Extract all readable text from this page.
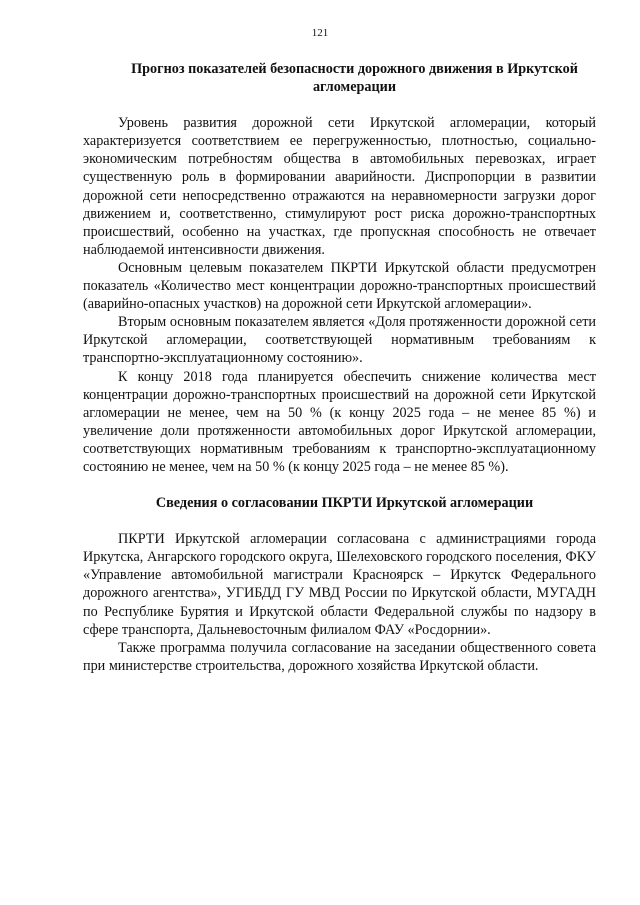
121

Прогноз показателей безопасности дорожного движения в Иркутской агломерации

Уровень развития дорожной сети Иркутской агломерации, который характеризуется соответствием ее перегруженностью, плотностью, социально-экономическим потребностям общества в автомобильных перевозках, играет существенную роль в формировании аварийности. Диспропорции в развитии дорожной сети непосредственно отражаются на неравномерности загрузки дорог движением и, соответственно, стимулируют рост риска дорожно-транспортных происшествий, особенно на участках, где пропускная способность не отвечает наблюдаемой интенсивности движения.

Основным целевым показателем ПКРТИ Иркутской области предусмотрен показатель «Количество мест концентрации дорожно-транспортных происшествий (аварийно-опасных участков) на дорожной сети Иркутской агломерации».

Вторым основным показателем является «Доля протяженности дорожной сети Иркутской агломерации, соответствующей нормативным требованиям к транспортно-эксплуатационному состоянию».

К концу 2018 года планируется обеспечить снижение количества мест концентрации дорожно-транспортных происшествий на дорожной сети Иркутской агломерации не менее, чем на 50 % (к концу 2025 года – не менее 85 %) и увеличение доли протяженности автомобильных дорог Иркутской агломерации, соответствующих нормативным требованиям к транспортно-эксплуатационному состоянию не менее, чем на 50 % (к концу 2025 года – не менее 85 %).

Сведения о согласовании ПКРТИ Иркутской агломерации

ПКРТИ Иркутской агломерации согласована с администрациями города Иркутска, Ангарского городского округа, Шелеховского городского поселения, ФКУ «Управление автомобильной магистрали Красноярск – Иркутск Федерального дорожного агентства», УГИБДД ГУ МВД России по Иркутской области, МУГАДН по Республике Бурятия и Иркутской области Федеральной службы по надзору в сфере транспорта, Дальневосточным филиалом ФАУ «Росдорнии».

Также программа получила согласование на заседании общественного совета при министерстве строительства, дорожного хозяйства Иркутской области.
